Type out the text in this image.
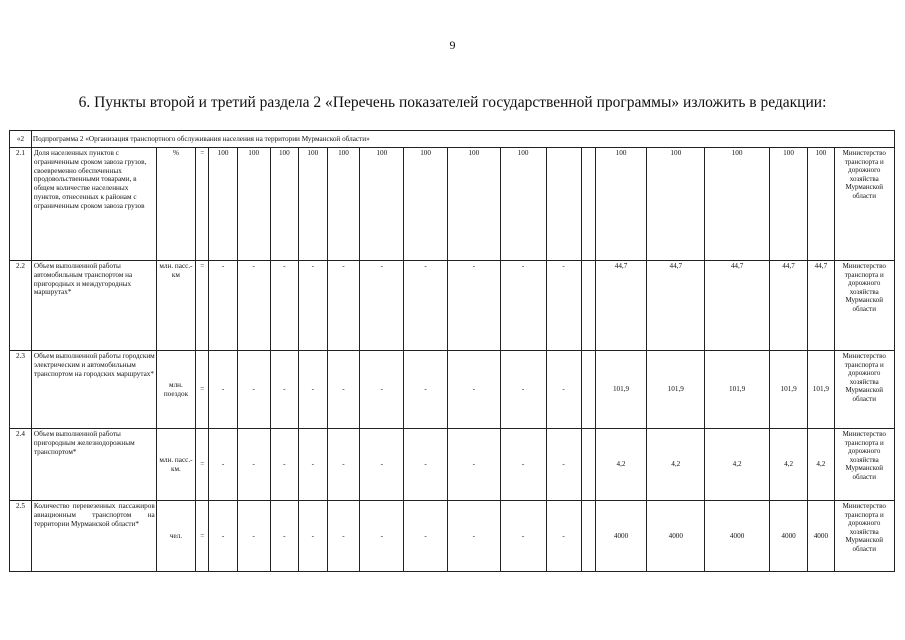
9
6. Пункты второй и третий раздела 2 «Перечень показателей государственной программы» изложить в редакции:
«2	Подпрограмма 2 «Организация транспортного обслуживания населения на территории Мурманской области»																			
2.1	Доля населенных пунктов с ограниченным сроком завоза грузов, своевременно обеспеченных продовольственными товарами, в общем количестве населенных пунктов, отнесенных к районам с ограниченным сроком завоза грузов	%	=	100	100	100	100	100	100	100	100	100			100	100	100	100	100	Министерство транспорта и дорожного хозяйства Мурманской области
2.2	Объем выполненной работы автомобильным транспортом на пригородных и междугородных маршрутах*	млн. пасс.- км	=	-	-	-	-	-	-	-	-	-	-		44,7	44,7	44,7	44,7	44,7	Министерство транспорта и дорожного хозяйства Мурманской области
2.3	Объем выполненной работы городским электрическим и автомобильным транспортом на городских маршрутах*	млн. поездок	=	-	-	-	-	-	-	-	-	-	-		101,9	101,9	101,9	101,9	101,9	Министерство транспорта и дорожного хозяйства Мурманской области
2.4	Объем выполненной работы пригородным железнодорожным транспортом*	млн. пасс.- км.	=	-	-	-	-	-	-	-	-	-	-		4,2	4,2	4,2	4,2	4,2	Министерство транспорта и дорожного хозяйства Мурманской области
2.5	Количество перевезенных пассажиров авиационным транспортом на территории Мурманской области*	чел.	=	-	-	-	-	-	-	-	-	-	-		4000	4000	4000	4000	4000	Министерство транспорта и дорожного хозяйства Мурманской области
